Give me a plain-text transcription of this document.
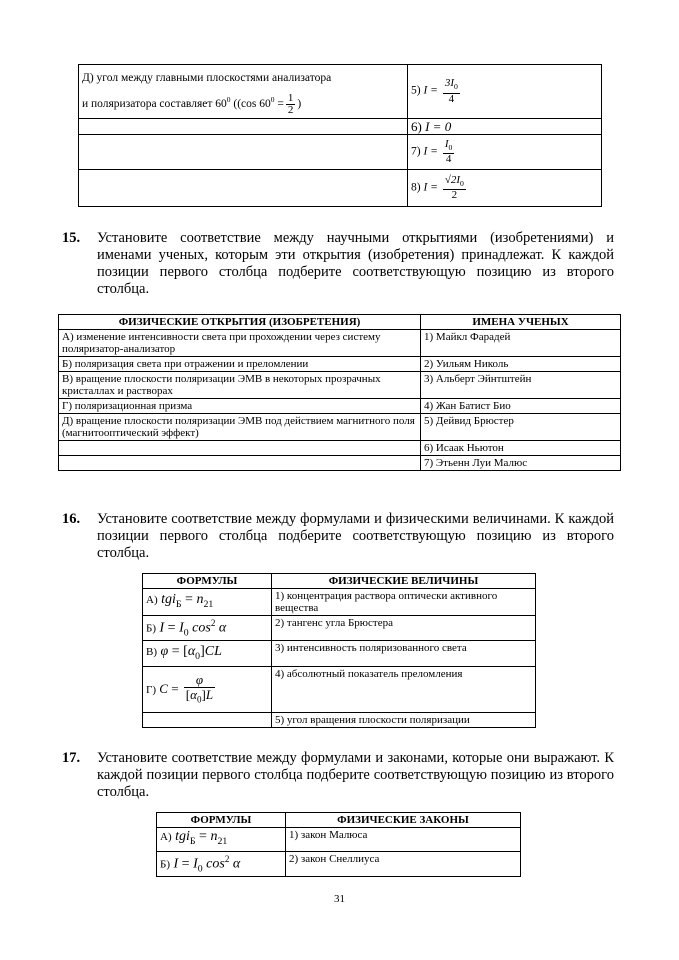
Д) угол между главными плоскостями анализатора
и поляризатора составляет $60^0$ ((cos $60^0 = \frac{1}{2}$ )	5) $I = \frac{3I_0}{4}$

	6) I = 0
	7) $I = \frac{I_0}{4}$

	8) $I = \frac{√2I_0}{2}$
15. Установите соответствие между научными открытиями (изобретениями) и именами ученых, которым эти открытия (изобретения) принадлежат. К каждой позиции первого столбца подберите соответствующую позицию из второго столбца.
ФИЗИЧЕСКИЕ ОТКРЫТИЯ (ИЗОБРЕТЕНИЯ)	ИМЕНА УЧЕНЫХ
А) изменение интенсивности света при прохождении через систему поляризатор-анализатор	1) Майкл Фарадей
Б) поляризация света при отражении и преломлении	2) Уильям Николь
В) вращение плоскости поляризации ЭМВ в некоторых прозрачных кристаллах и растворах	3) Альберт Эйнтштейн
Г) поляризационная призма	4) Жан Батист Био
Д) вращение плоскости поляризации ЭМВ под действием магнитного поля (магнитооптический эффект)	5) Дейвид Брюстер
	6) Исаак Ньютон
	7) Этьенн Луи Малюс
16. Установите соответствие между формулами и физическими величинами. К каждой позиции первого столбца подберите соответствующую позицию из второго столбца.
ФОРМУЛЫ	ФИЗИЧЕСКИЕ ВЕЛИЧИНЫ
А) $tgi_Б = n_{21}$	1) концентрация раствора оптически активного вещества
Б) $I = I_0$ $\cos^2 \alpha$	2) тангенс угла Брюстера
В) $\varphi = [\alpha_0]CL$	3) интенсивность поляризованного света
Г) $C = \frac{\varphi}{[\alpha_0]L}$	4) абсолютный показатель преломления
	5) угол вращения плоскости поляризации
17. Установите соответствие между формулами и законами, которые они выражают. К каждой позиции первого столбца подберите соответствующую позицию из второго столбца.
ФОРМУЛЫ	ФИЗИЧЕСКИЕ ЗАКОНЫ
А) $tgi_Б = n_{21}$	1) закон Малюса
Б) $I = I_0$ $\cos^2 \alpha$	2) закон Снеллиуса
31
